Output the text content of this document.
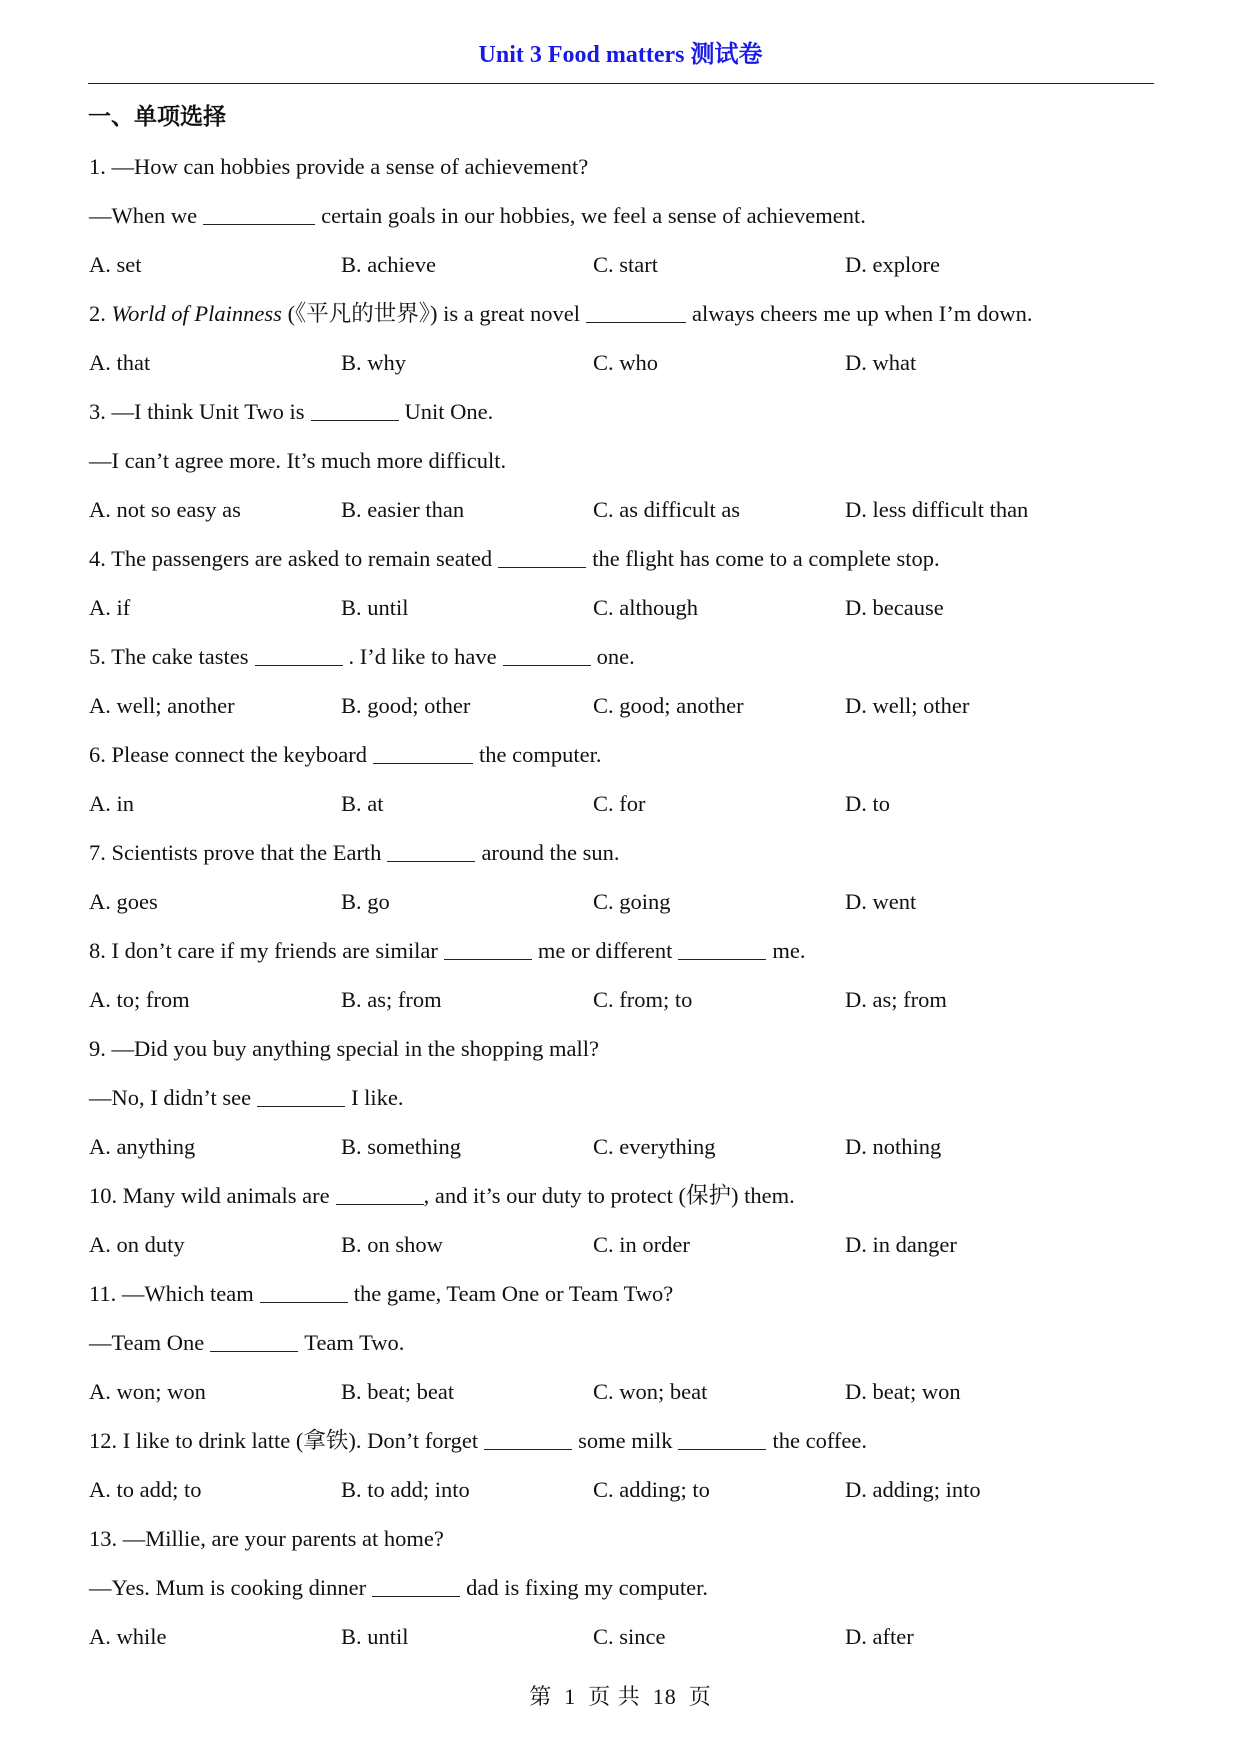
Unit 3 Food matters 测试卷
一、单项选择
1. —How can hobbies provide a sense of achievement?
—When we	certain goals in our hobbies, we feel a sense of achievement.
A. set	B. achieve	C. start	D. explore
2. World of Plainness (《平凡的世界》) is a great novel	always cheers me up when I’m down.
A. that	B. why	C. who	D. what
3. —I think Unit Two is	Unit One.
—I can’t agree more. It’s much more difficult.
A. not so easy as	B. easier than	C. as difficult as	D. less difficult than
4. The passengers are asked to remain seated	the flight has come to a complete stop.
A. if	B. until	C. although	D. because
5. The cake tastes	. I’d like to have	one.
A. well; another	B. good; other	C. good; another	D. well; other
6. Please connect the keyboard	the computer.
A. in	B. at	C. for	D. to
7. Scientists prove that the Earth	around the sun.
A. goes	B. go	C. going	D. went
8. I don’t care if my friends are similar	me or different	me.
A. to; from	B. as; from	C. from; to	D. as; from
9. —Did you buy anything special in the shopping mall?
—No, I didn’t see	I like.
A. anything	B. something	C. everything	D. nothing
10. Many wild animals are	, and it’s our duty to protect (保护) them.
A. on duty	B. on show	C. in order	D. in danger
11. —Which team	the game, Team One or Team Two?
—Team One	Team Two.
A. won; won	B. beat; beat	C. won; beat	D. beat; won
12. I like to drink latte (拿铁). Don’t forget	some milk	the coffee.
A. to add; to	B. to add; into	C. adding; to	D. adding; into
13. —Millie, are your parents at home?
—Yes. Mum is cooking dinner	dad is fixing my computer.
A. while	B. until	C. since	D. after
第 1 页 共 18 页
